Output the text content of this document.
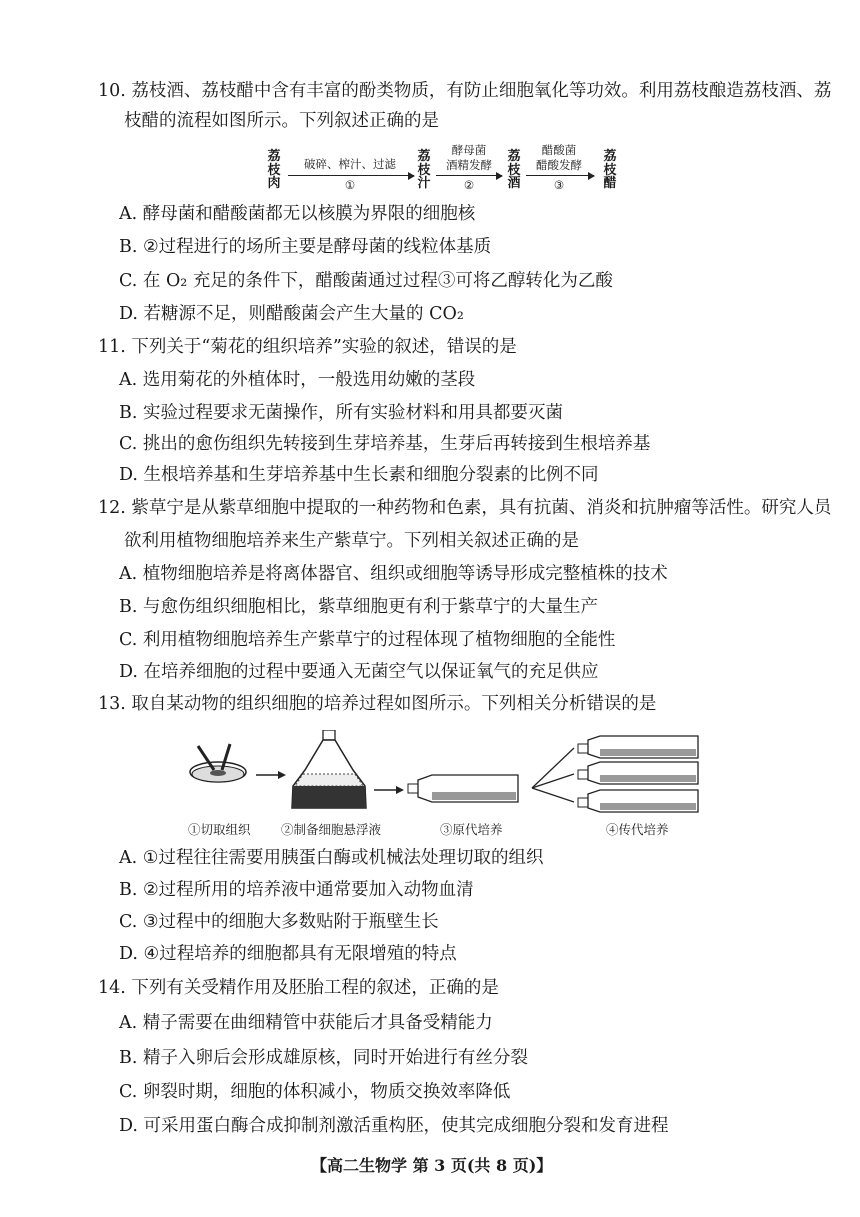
10. 荔枝酒、荔枝醋中含有丰富的酚类物质，有防止细胞氧化等功效。利用荔枝酿造荔枝酒、荔
枝醋的流程如图所示。下列叙述正确的是
荔
枝
肉
破碎、榨汁、过滤
①
荔
枝
汁
酵母菌
酒精发酵
②
荔
枝
酒
醋酸菌
醋酸发酵
③
荔
枝
醋
A. 酵母菌和醋酸菌都无以核膜为界限的细胞核
B. ②过程进行的场所主要是酵母菌的线粒体基质
C. 在 O₂ 充足的条件下，醋酸菌通过过程③可将乙醇转化为乙酸
D. 若糖源不足，则醋酸菌会产生大量的 CO₂
11. 下列关于“菊花的组织培养”实验的叙述，错误的是
A. 选用菊花的外植体时，一般选用幼嫩的茎段
B. 实验过程要求无菌操作，所有实验材料和用具都要灭菌
C. 挑出的愈伤组织先转接到生芽培养基，生芽后再转接到生根培养基
D. 生根培养基和生芽培养基中生长素和细胞分裂素的比例不同
12. 紫草宁是从紫草细胞中提取的一种药物和色素，具有抗菌、消炎和抗肿瘤等活性。研究人员
欲利用植物细胞培养来生产紫草宁。下列相关叙述正确的是
A. 植物细胞培养是将离体器官、组织或细胞等诱导形成完整植株的技术
B. 与愈伤组织细胞相比，紫草细胞更有利于紫草宁的大量生产
C. 利用植物细胞培养生产紫草宁的过程体现了植物细胞的全能性
D. 在培养细胞的过程中要通入无菌空气以保证氧气的充足供应
13. 取自某动物的组织细胞的培养过程如图所示。下列相关分析错误的是
①切取组织 ②制备细胞悬浮液	③原代培养	④传代培养
A. ①过程往往需要用胰蛋白酶或机械法处理切取的组织
B. ②过程所用的培养液中通常要加入动物血清
C. ③过程中的细胞大多数贴附于瓶壁生长
D. ④过程培养的细胞都具有无限增殖的特点
14. 下列有关受精作用及胚胎工程的叙述，正确的是
A. 精子需要在曲细精管中获能后才具备受精能力
B. 精子入卵后会形成雄原核，同时开始进行有丝分裂
C. 卵裂时期，细胞的体积减小，物质交换效率降低
D. 可采用蛋白酶合成抑制剂激活重构胚，使其完成细胞分裂和发育进程
【高二生物学 第 3 页(共 8 页)】
